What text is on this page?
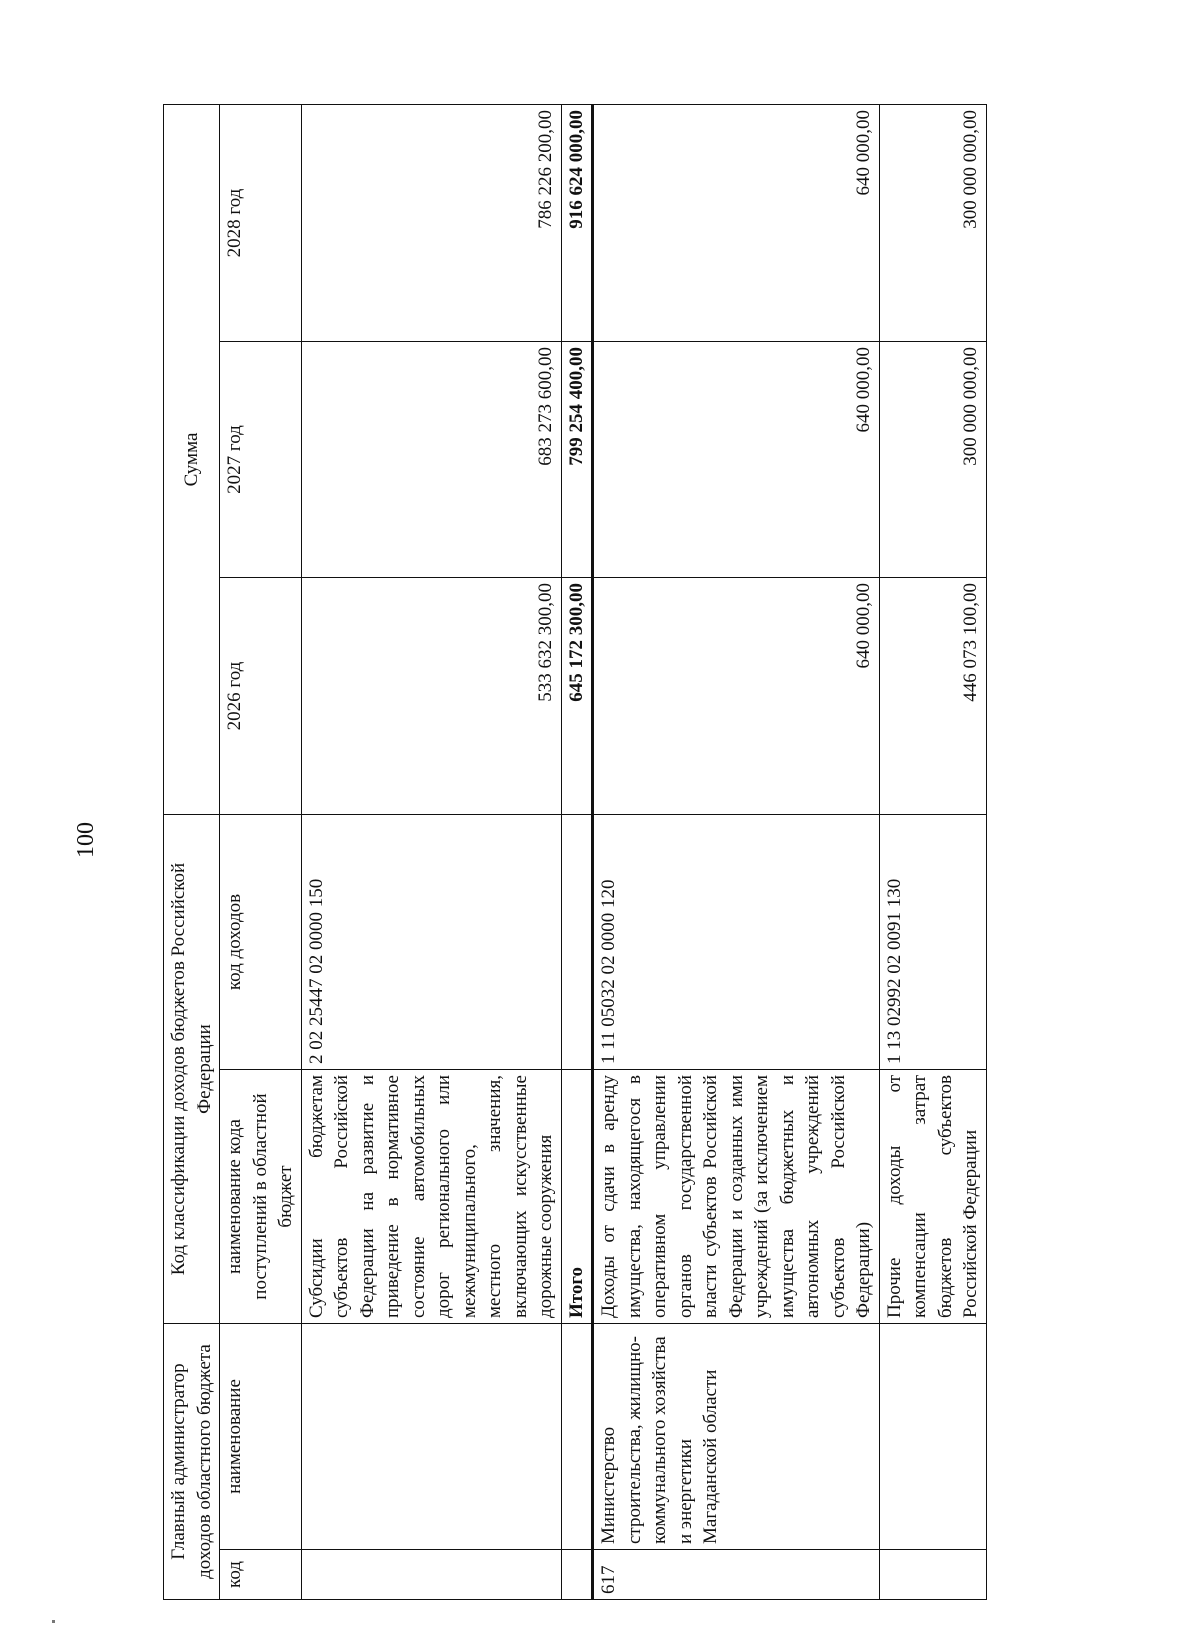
100
Главный администратор доходов областного бюджета		Код классификации доходов бюджетов Российской Федерации		Сумма		
код	наименование	наименование кода поступлений в областной бюджет	код доходов	2026 год	2027 год	2028 год
		Субсидии бюджетам субъектов Российской Федерации на развитие и приведение в нормативное состояние автомобильных дорог регионального или межмуниципального, местного значения, включающих искусственные дорожные сооружения	2 02 25447 02 0000 150	533 632 300,00	683 273 600,00	786 226 200,00
		Итого		645 172 300,00	799 254 400,00	916 624 000,00
617	Министерство строительства, жилищно-коммунального хозяйства и энергетики Магаданской области	Доходы от сдачи в аренду имущества, находящегося в оперативном управлении органов государственной власти субъектов Российской Федерации и созданных ими учреждений (за исключением имущества бюджетных и автономных учреждений субъектов Российской Федерации)	1 11 05032 02 0000 120	640 000,00	640 000,00	640 000,00
		Прочие доходы от компенсации затрат бюджетов субъектов Российской Федерации	1 13 02992 02 0091 130	446 073 100,00	300 000 000,00	300 000 000,00
